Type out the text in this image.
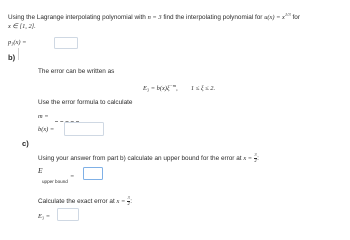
Using the Lagrange interpolating polynomial with n = 3 find the interpolating polynomial for $u(x) = x^{1/3}$ for
x ∈ [1, 2].
p₃(x) =
b)
The error can be written as
$E_3 = b(x)\xi^{-m}$, 1 ≤ ξ ≤ 2.
Use the error formula to calculate
m =
b(x) =
c)
Using your answer from part b) calculate an upper bound for the error at $x = \frac{3}{2}$ :
E
upper bound
=
Calculate the exact error at $x = \frac{3}{2}$ :
E₃ =
